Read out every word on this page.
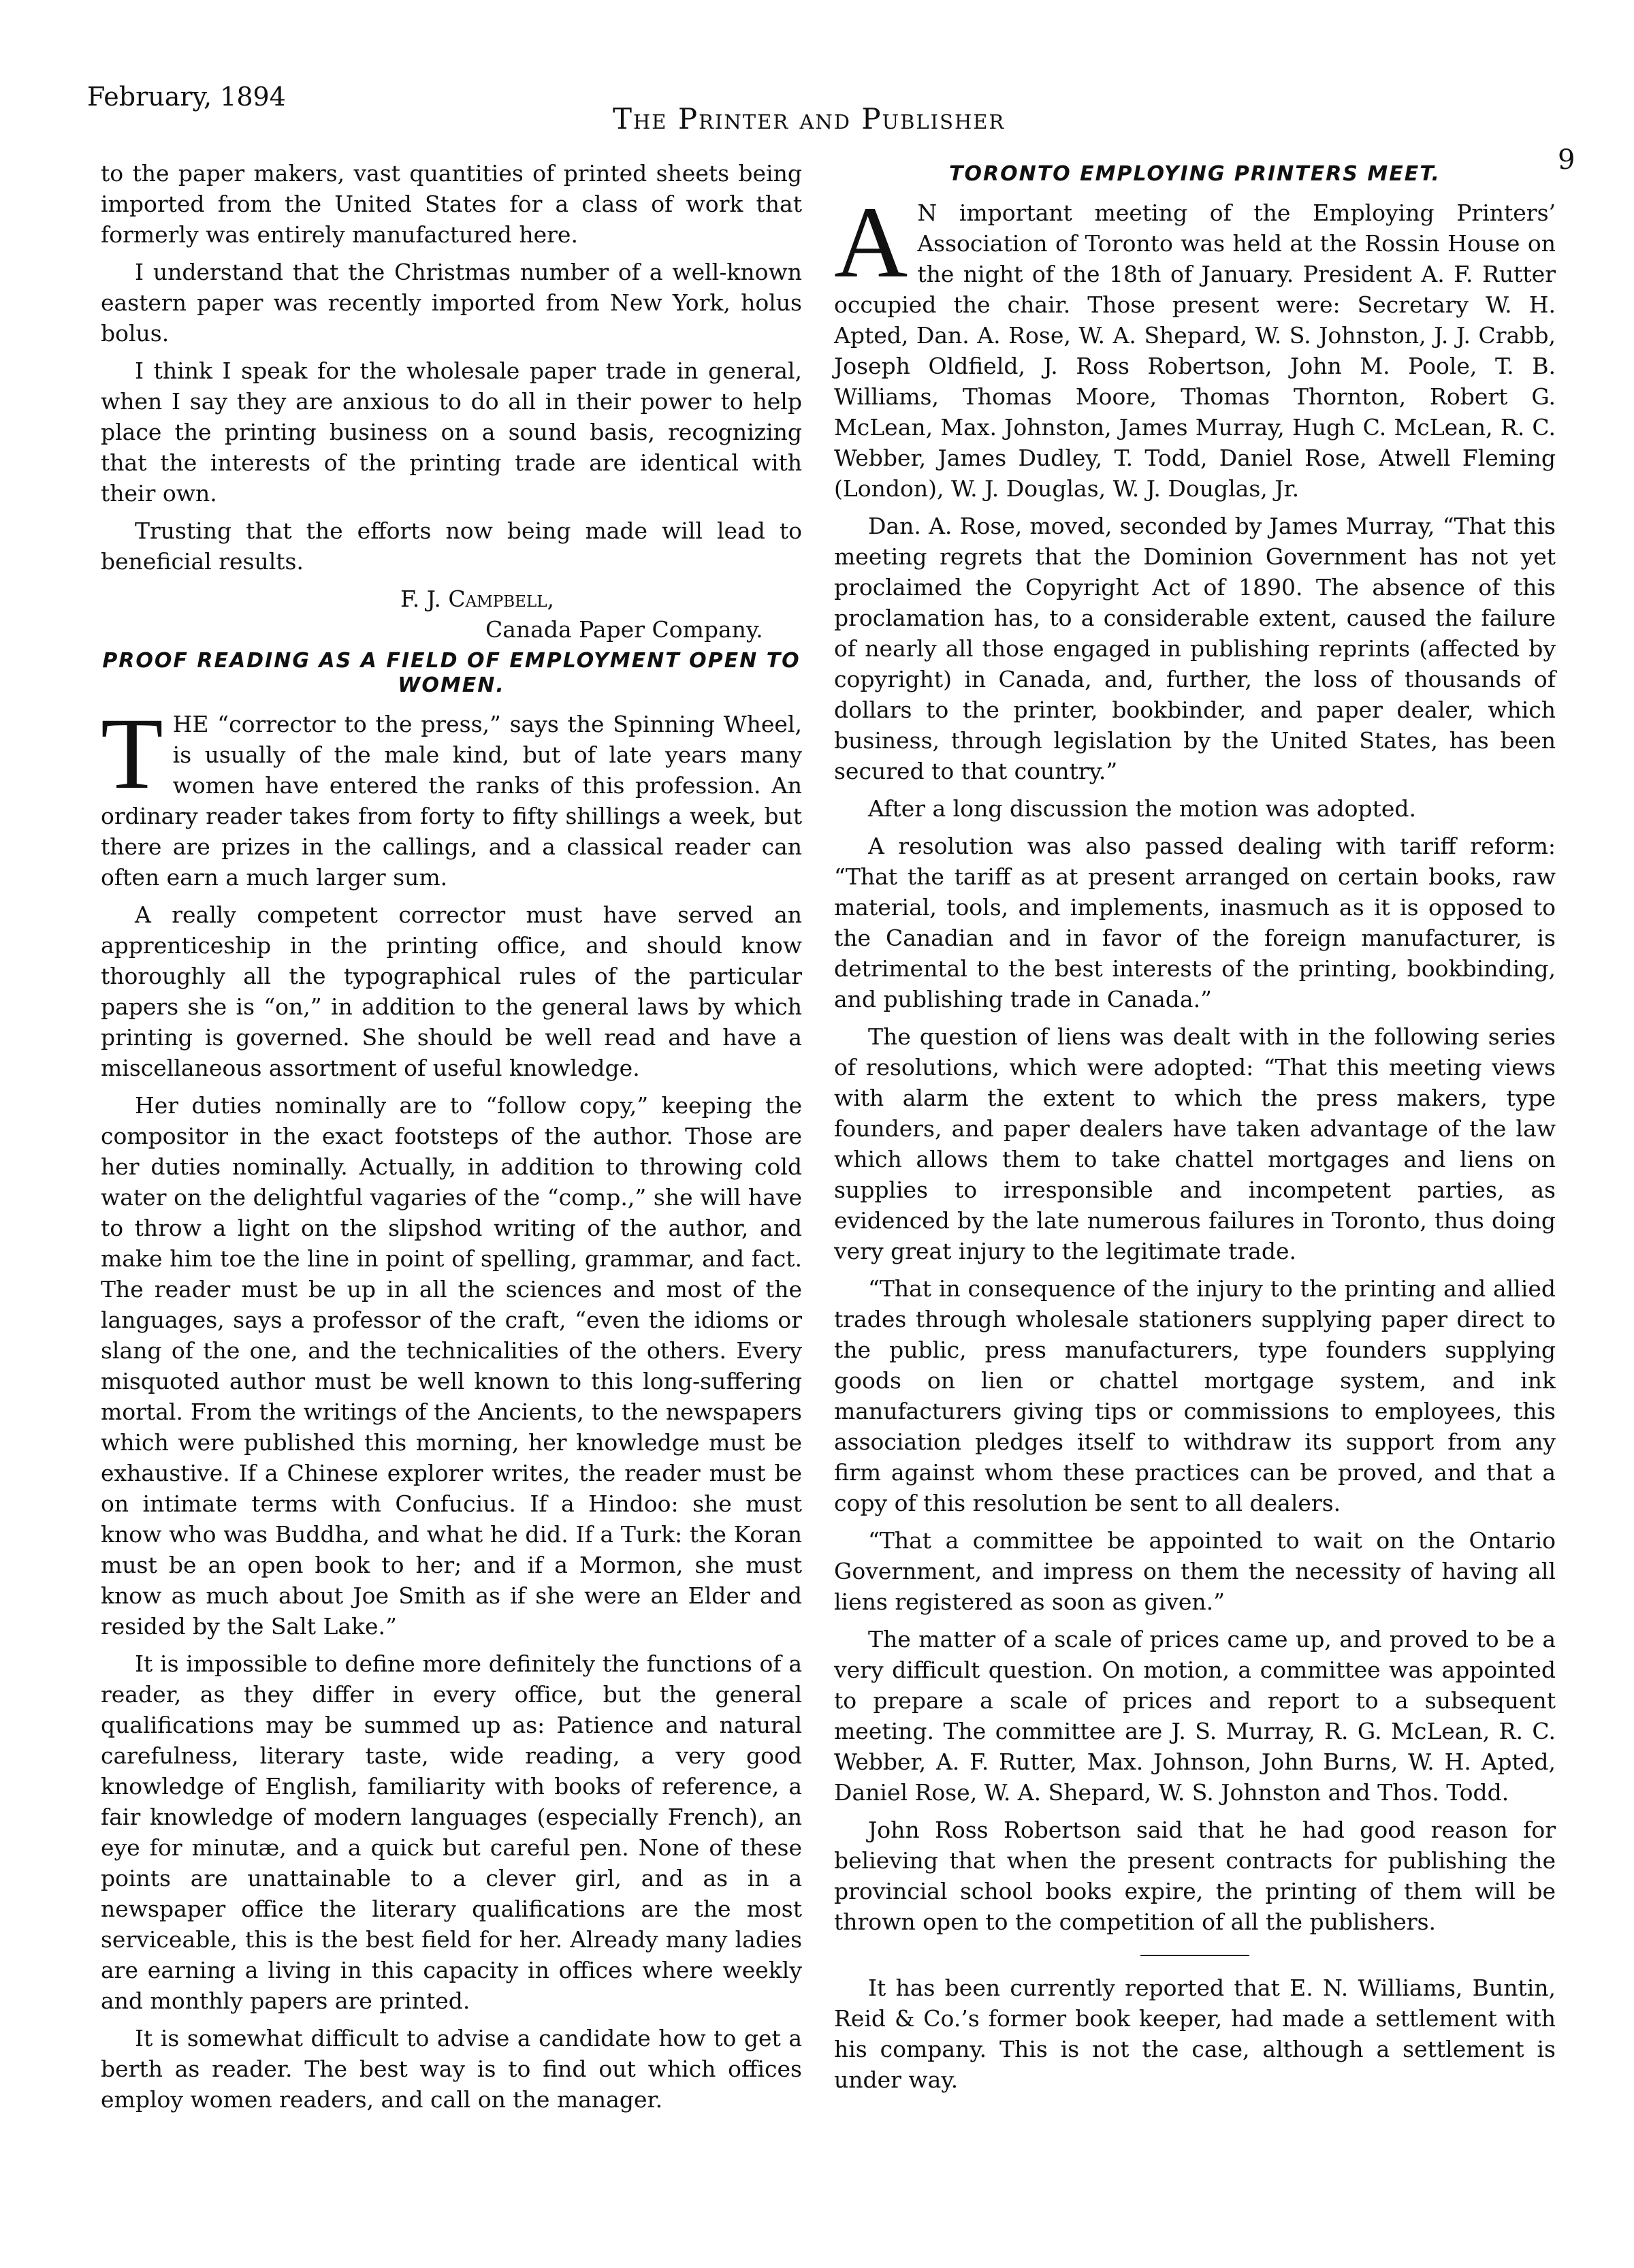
February, 1894
The Printer and Publisher
9

to the paper makers, vast quantities of printed sheets being imported from the United States for a class of work that formerly was entirely manufactured here.

I understand that the Christmas number of a well-known eastern paper was recently imported from New York, holus bolus.

I think I speak for the wholesale paper trade in general, when I say they are anxious to do all in their power to help place the printing business on a sound basis, recognizing that the interests of the printing trade are identical with their own.

Trusting that the efforts now being made will lead to beneficial results.

F. J. Campbell,
Canada Paper Company.
PROOF READING AS A FIELD OF EMPLOYMENT OPEN TO WOMEN.

T HE “corrector to the press,” says the Spinning Wheel, is usually of the male kind, but of late years many women have entered the ranks of this profession. An ordinary reader takes from forty to fifty shillings a week, but there are prizes in the callings, and a classical reader can often earn a much larger sum.

A really competent corrector must have served an apprenticeship in the printing office, and should know thoroughly all the typographical rules of the particular papers she is “on,” in addition to the general laws by which printing is governed. She should be well read and have a miscellaneous assortment of useful knowledge.

Her duties nominally are to “follow copy,” keeping the compositor in the exact footsteps of the author. Those are her duties nominally. Actually, in addition to throwing cold water on the delightful vagaries of the “comp.,” she will have to throw a light on the slipshod writing of the author, and make him toe the line in point of spelling, grammar, and fact. The reader must be up in all the sciences and most of the languages, says a professor of the craft, “even the idioms or slang of the one, and the technicalities of the others. Every misquoted author must be well known to this long-suffering mortal. From the writings of the Ancients, to the newspapers which were published this morning, her knowledge must be exhaustive. If a Chinese explorer writes, the reader must be on intimate terms with Confucius. If a Hindoo: she must know who was Buddha, and what he did. If a Turk: the Koran must be an open book to her; and if a Mormon, she must know as much about Joe Smith as if she were an Elder and resided by the Salt Lake.”

It is impossible to define more definitely the functions of a reader, as they differ in every office, but the general qualifications may be summed up as: Patience and natural carefulness, literary taste, wide reading, a very good knowledge of English, familiarity with books of reference, a fair knowledge of modern languages (especially French), an eye for minutæ, and a quick but careful pen. None of these points are unattainable to a clever girl, and as in a newspaper office the literary qualifications are the most serviceable, this is the best field for her. Already many ladies are earning a living in this capacity in offices where weekly and monthly papers are printed.

It is somewhat difficult to advise a candidate how to get a berth as reader. The best way is to find out which offices employ women readers, and call on the manager.

TORONTO EMPLOYING PRINTERS MEET.

A N important meeting of the Employing Printers’ Association of Toronto was held at the Rossin House on the night of the 18th of January. President A. F. Rutter occupied the chair. Those present were: Secretary W. H. Apted, Dan. A. Rose, W. A. Shepard, W. S. Johnston, J. J. Crabb, Joseph Oldfield, J. Ross Robertson, John M. Poole, T. B. Williams, Thomas Moore, Thomas Thornton, Robert G. McLean, Max. Johnston, James Murray, Hugh C. McLean, R. C. Webber, James Dudley, T. Todd, Daniel Rose, Atwell Fleming (London), W. J. Douglas, W. J. Douglas, Jr.

Dan. A. Rose, moved, seconded by James Murray, “That this meeting regrets that the Dominion Government has not yet proclaimed the Copyright Act of 1890. The absence of this proclamation has, to a considerable extent, caused the failure of nearly all those engaged in publishing reprints (affected by copyright) in Canada, and, further, the loss of thousands of dollars to the printer, bookbinder, and paper dealer, which business, through legislation by the United States, has been secured to that country.”

After a long discussion the motion was adopted.

A resolution was also passed dealing with tariff reform: “That the tariff as at present arranged on certain books, raw material, tools, and implements, inasmuch as it is opposed to the Canadian and in favor of the foreign manufacturer, is detrimental to the best interests of the printing, bookbinding, and publishing trade in Canada.”

The question of liens was dealt with in the following series of resolutions, which were adopted: “That this meeting views with alarm the extent to which the press makers, type founders, and paper dealers have taken advantage of the law which allows them to take chattel mortgages and liens on supplies to irresponsible and incompetent parties, as evidenced by the late numerous failures in Toronto, thus doing very great injury to the legitimate trade.

“That in consequence of the injury to the printing and allied trades through wholesale stationers supplying paper direct to the public, press manufacturers, type founders supplying goods on lien or chattel mortgage system, and ink manufacturers giving tips or commissions to employees, this association pledges itself to withdraw its support from any firm against whom these practices can be proved, and that a copy of this resolution be sent to all dealers.

“That a committee be appointed to wait on the Ontario Government, and impress on them the necessity of having all liens registered as soon as given.”

The matter of a scale of prices came up, and proved to be a very difficult question. On motion, a committee was appointed to prepare a scale of prices and report to a subsequent meeting. The committee are J. S. Murray, R. G. McLean, R. C. Webber, A. F. Rutter, Max. Johnson, John Burns, W. H. Apted, Daniel Rose, W. A. Shepard, W. S. Johnston and Thos. Todd.

John Ross Robertson said that he had good reason for believing that when the present contracts for publishing the provincial school books expire, the printing of them will be thrown open to the competition of all the publishers.

It has been currently reported that E. N. Williams, Buntin, Reid & Co.’s former book keeper, had made a settlement with his company. This is not the case, although a settlement is under way.
